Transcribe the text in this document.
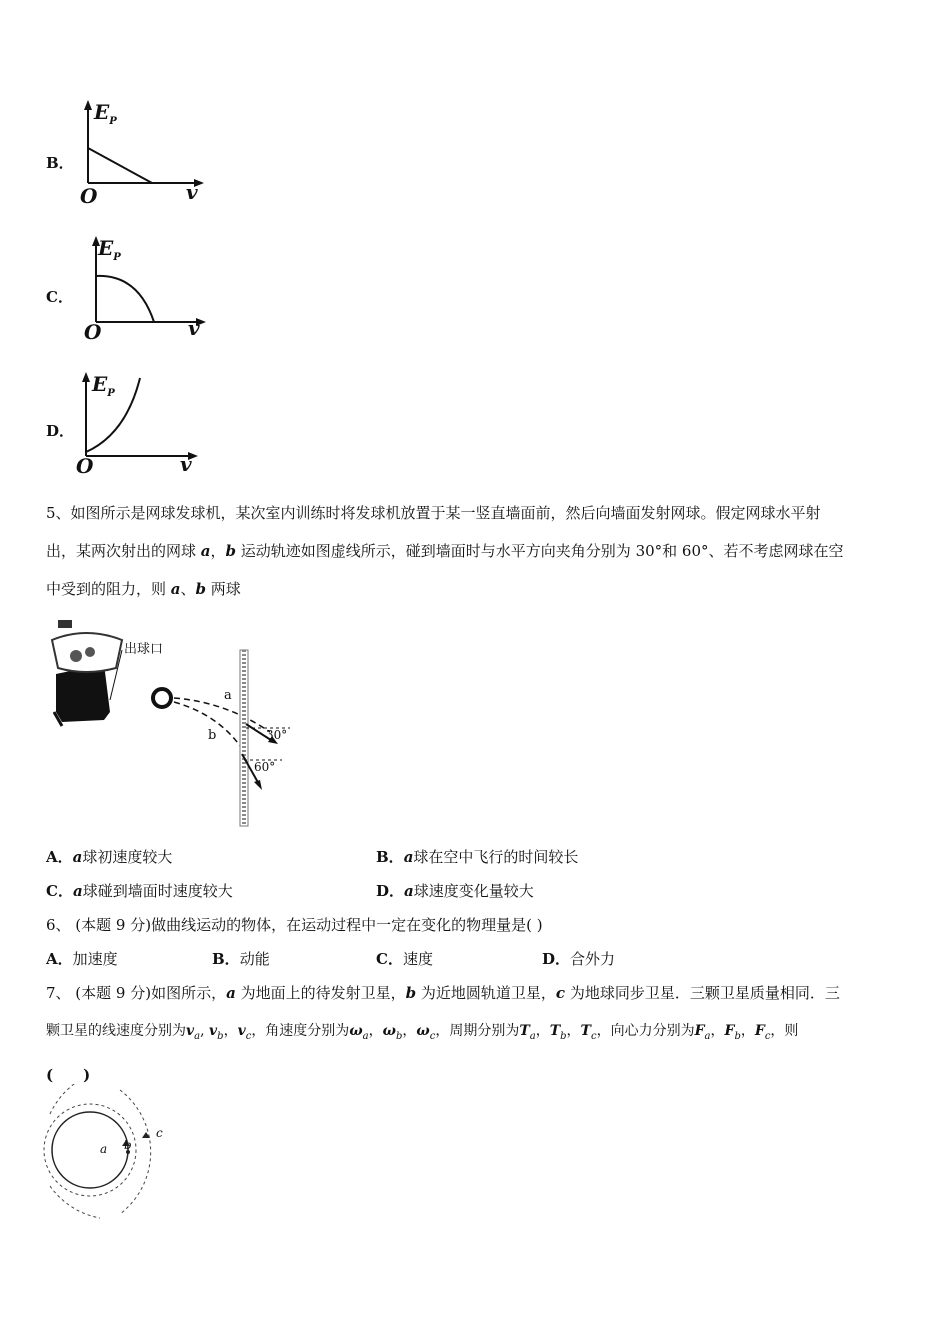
B．
$E_P$
O	v
C．
$E_P$
O	v
D．
$E_P$
O	v
5、如图所示是网球发球机，某次室内训练时将发球机放置于某一竖直墙面前，然后向墙面发射网球。假定网球水平射
出，某两次射出的网球 a，b 运动轨迹如图虚线所示，碰到墙面时与水平方向夹角分别为 30°和 60°、若不考虑网球在空
中受到的阻力，则 a、b 两球
出球口
a
b	30°
60°
A．a球初速度较大	B．a球在空中飞行的时间较长
C．a球碰到墙面时速度较大	D．a球速度变化量较大
6、 (本题 9 分)做曲线运动的物体，在运动过程中一定在变化的物理量是( )
A．加速度	B．动能	C．速度	D．合外力
7、 (本题 9 分)如图所示，a 为地面上的待发射卫星，b 为近地圆轨道卫星，c 为地球同步卫星．三颗卫星质量相同．三
颗卫星的线速度分别为$v_a$, $v_b$，$v_c$，角速度分别为$\omega_a$，$\omega_b$，$\omega_c$，周期分别为$T_a$，$T_b$，$T_c$，向心力分别为$F_a$，$F_b$，$F_c$，则
(　　)
a b
c
